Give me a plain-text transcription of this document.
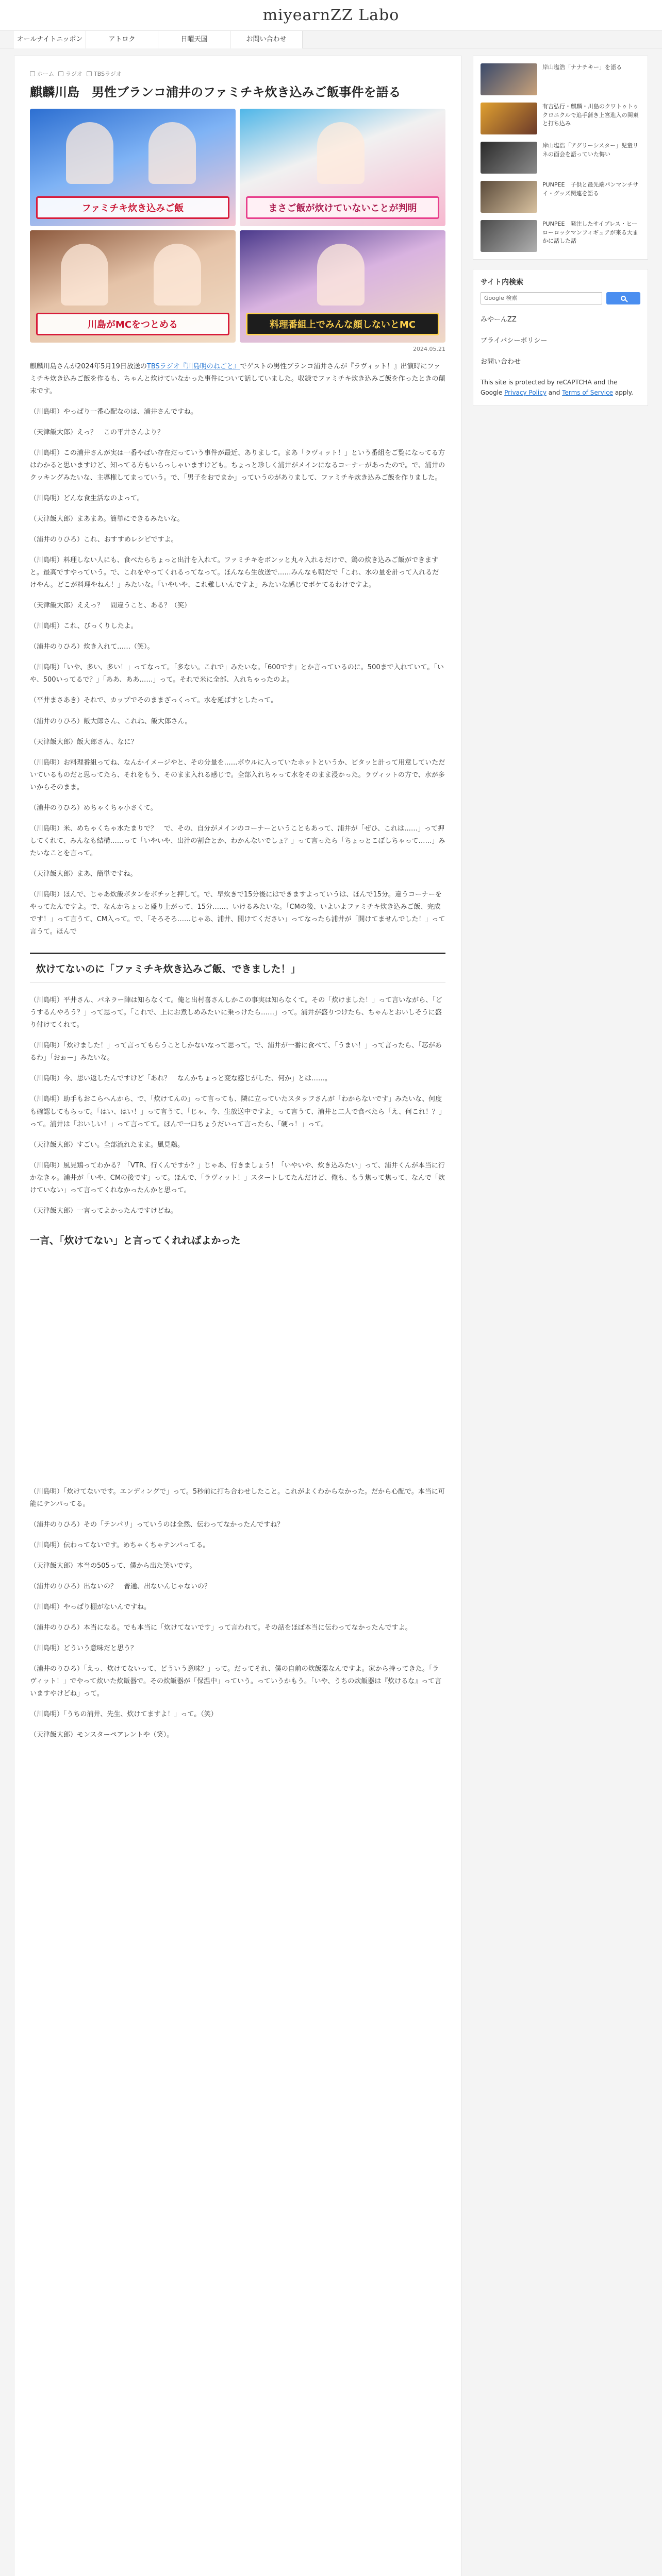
miyearnZZ Labo
オールナイトニッポン	アトロク	日曜天国	お問い合わせ
ホーム ラジオ TBSラジオ
麒麟川島　男性ブランコ浦井のファミチキ炊き込みご飯事件を語る
ファミチキ炊き込みご飯	まさご飯が炊けていないことが判明
川島がMCをつとめる	料理番組上でみんな顔しないとMC
2024.05.21

麒麟川島さんが2024年5月19日放送のTBSラジオ『川島明のねごと』でゲストの男性ブランコ浦井さんが『ラヴィット！』出演時にファミチキ炊き込みご飯を作るも、ちゃんと炊けていなかった事件について話していました。収録でファミチキ炊き込みご飯を作ったときの顛末です。

（川島明）やっぱり一番心配なのは、浦井さんですね。

（天津飯大郎）えっ？　この平井さんより？

（川島明）この浦井さんが実は一番やばい存在だっていう事件が最近、ありまして。まあ「ラヴィット！」という番組をご覧になってる方はわかると思いますけど、知ってる方もいらっしゃいますけども。ちょっと珍しく浦井がメインになるコーナーがあったので。で、浦井のクッキングみたいな、主導権してまっていう。で、「男子をおでまか」っていうのがありまして、ファミチキ炊き込みご飯を作りました。

（川島明）どんな食生活なのよって。

（天津飯大郎）まあまあ。簡単にできるみたいな。

（浦井のりひろ）これ、おすすめレシピですよ。

（川島明）料理しない人にも、食べたらちょっと出汁を入れて。ファミチキをボンッと丸々入れるだけで、鶏の炊き込みご飯ができますと。最高ですやっていう。で、これをやってくれるってなって。ほんなら生放送で……みんなも朝だで「これ、水の量を計って入れるだけやん。どこが料理やねん！」みたいな。「いやいや、これ難しいんですよ」みたいな感じでボケてるわけですよ。

（天津飯大郎）ええっ？　間違うこと、ある？（笑）

（川島明）これ、びっくりしたよ。

（浦井のりひろ）炊き入れて……（笑）。

（川島明）「いや、多い、多い！」ってなって。「多ない。これで」みたいな。「600です」とか言っているのに。500まで入れていて。「いや、500いってるで？」「ああ、ああ……」って。それで米に全部、入れちゃったのよ。

（平井まさあき）それで、カップでそのままざっくって。水を延ばすとしたって。

（浦井のりひろ）飯大郎さん、これね、飯大郎さん。

（天津飯大郎）飯大郎さん、なに？

（川島明）お料理番組ってね、なんかイメージやと、その分量を……ボウルに入っていたホットというか、ビタッと計って用意していただいているものだと思ってたら、それをもう、そのまま入れる感じで。全部入れちゃって水をそのまま浸かった。ラヴィットの方で、水が多いからそのまま。

（浦井のりひろ）めちゃくちゃ小さくて。

（川島明）米、めちゃくちゃ水たまりで？　で、その、自分がメインのコーナーということもあって、浦井が「ぜひ、これは……」って押してくれて、みんなも結構……って「いやいや、出汁の割合とか、わかんないでしょ？」って言ったら「ちょっとこぼしちゃって……」みたいなことを言って。

（天津飯大郎）まあ、簡単ですね。

（川島明）ほんで、じゃあ炊飯ボタンをポチッと押して。で、早炊きで15分後にはできますよっていうは、ほんで15分。違うコーナーをやってたんですよ。で、なんかちょっと盛り上がって、15分……、いけるみたいな。「CMの後、いよいよファミチキ炊き込みご飯、完成です！」って言うて、CM入って。で、「そろそろ……じゃあ、浦井、開けてください」ってなったら浦井が「開けてませんでした！」って言うて。ほんで

炊けてないのに「ファミチキ炊き込みご飯、できました！」

（川島明）平井さん、パネラー陣は知らなくて。俺と出村喜さんしかこの事実は知らなくて。その「炊けました！」って言いながら、「どうするんやろう？」って思って。「これで、上にお煮しめみたいに乗っけたら……」って。浦井が盛りつけたら、ちゃんとおいしそうに盛り付けてくれて。

（川島明）「炊けました！」って言ってもらうことしかないなって思って。で、浦井が一番に食べて、「うまい！」って言ったら、「芯があるわ」「おぉー」みたいな。

（川島明）今、思い返したんですけど「あれ？　なんかちょっと変な感じがした、何か」とは……。

（川島明）助手もおこらへんから、で、「炊けてんの」って言っても、隣に立っていたスタッフさんが「わからないです」みたいな、何度も確認してもらって。「はい、はい！」って言うて、「じゃ、今、生放送中ですよ」って言うて、浦井と二人で食べたら「え、何これ！？」って。浦井は「おいしい！」って言ってて。ほんで一口ちょうだいって言ったら、「硬っ！」って。

（天津飯大郎）すごい。全部流れたまま。風見鶏。

（川島明）風見鶏ってわかる？「VTR、行くんですか？」じゃあ、行きましょう！「いやいや、炊き込みたい」って、浦井くんが本当に行かなきゃ。浦井が「いや、CMの後です」って。ほんで、「ラヴィット！」スタートしてたんだけど、俺も、もう焦って焦って、なんで「炊けていない」って言ってくれなかったんかと思って。

（天津飯大郎）一言ってよかったんですけどね。

一言、「炊けてない」と言ってくれればよかった

（川島明）「炊けてないです。エンディングで」って。5秒前に打ち合わせしたこと。これがよくわからなかった。だから心配で。本当に可能にテンパってる。

（浦井のりひろ）その「テンパリ」っていうのは全然、伝わってなかったんですね？

（川島明）伝わってないです。めちゃくちゃテンパってる。

（天津飯大郎）本当の505って、僕から出た笑いです。

（浦井のりひろ）出ないの？　普通、出ないんじゃないの？

（川島明）やっぱり棚がないんですね。

（浦井のりひろ）本当になる。でも本当に「炊けてないです」って言われて。その話をほぼ本当に伝わってなかったんですよ。

（川島明）どういう意味だと思う？

（浦井のりひろ）「えっ、炊けてないって、どういう意味？」って。だってそれ、僕の自前の炊飯器なんですよ。家から持ってきた。「ラヴィット！」でやって炊いた炊飯器で。その炊飯器が「保温中」っていう。っていうかもう。「いや、うちの炊飯器は『炊けるな』って言いますやけどね」って。

（川島明）「うちの浦井、先生、炊けてますよ！」って。（笑）

（天津飯大郎）モンスターペアレントや（笑）。

岸山塩浩「ナナチキー」を語る
有吉弘行・麒麟・川島のクワトゥトゥクロニクルで追手蒲き上宮進入の関東と打ち込み
岸山塩浩「アグリーシスター」児童リネの面会を語っていた悔い
PUNPEE　子供と最先端パンマンチサイ・グッズ関連を語る
PUNPEE　発注したサイプレス・ヒーローロックマンフィギュアが来る大まかに話した話
サイト内検索
Google 検索
みやーんZZ
プライバシーポリシー
お問い合わせ
This site is protected by reCAPTCHA and the Google Privacy Policy and Terms of Service apply.
